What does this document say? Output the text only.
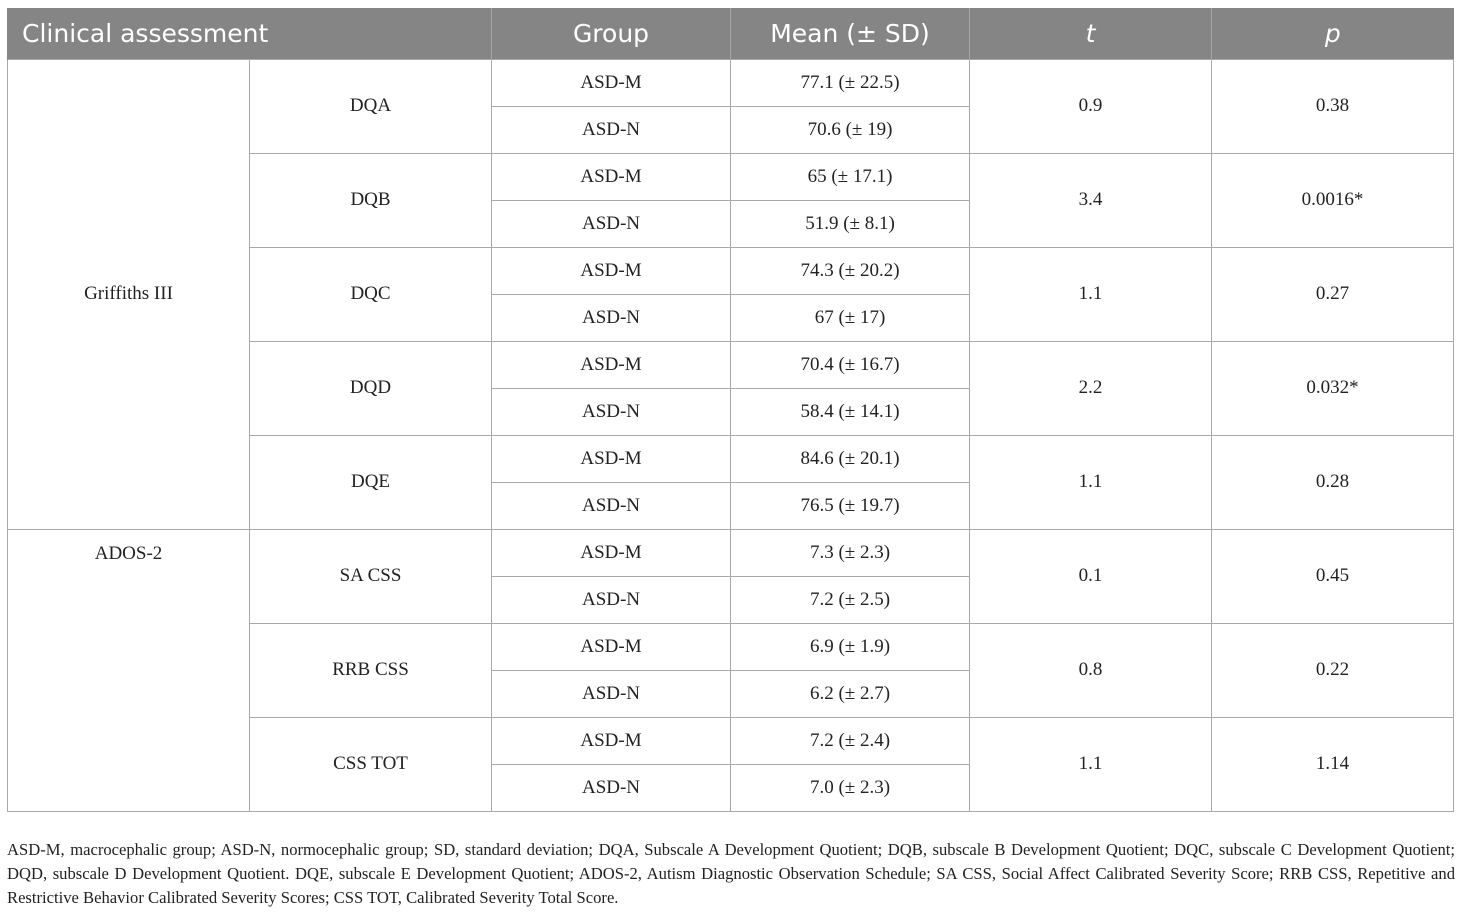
Clinical assessment		Group	Mean (± SD)	t	p
Griffiths III	DQA	ASD-M	77.1 (± 22.5)	0.9	0.38
		ASD-N	70.6 (± 19)		
	DQB	ASD-M	65 (± 17.1)	3.4	0.0016*
		ASD-N	51.9 (± 8.1)		
	DQC	ASD-M	74.3 (± 20.2)	1.1	0.27
		ASD-N	67 (± 17)		
	DQD	ASD-M	70.4 (± 16.7)	2.2	0.032*
		ASD-N	58.4 (± 14.1)		
	DQE	ASD-M	84.6 (± 20.1)	1.1	0.28
		ASD-N	76.5 (± 19.7)		
ADOS-2	SA CSS	ASD-M	7.3 (± 2.3)	0.1	0.45
		ASD-N	7.2 (± 2.5)		
	RRB CSS	ASD-M	6.9 (± 1.9)	0.8	0.22
		ASD-N	6.2 (± 2.7)		
	CSS TOT	ASD-M	7.2 (± 2.4)	1.1	1.14
		ASD-N	7.0 (± 2.3)		

ASD-M, macrocephalic group; ASD-N, normocephalic group; SD, standard deviation; DQA, Subscale A Development Quotient; DQB, subscale B Development Quotient; DQC, subscale C Development Quotient; DQD, subscale D Development Quotient. DQE, subscale E Development Quotient; ADOS-2, Autism Diagnostic Observation Schedule; SA CSS, Social Affect Calibrated Severity Score; RRB CSS, Repetitive and Restrictive Behavior Calibrated Severity Scores; CSS TOT, Calibrated Severity Total Score.
